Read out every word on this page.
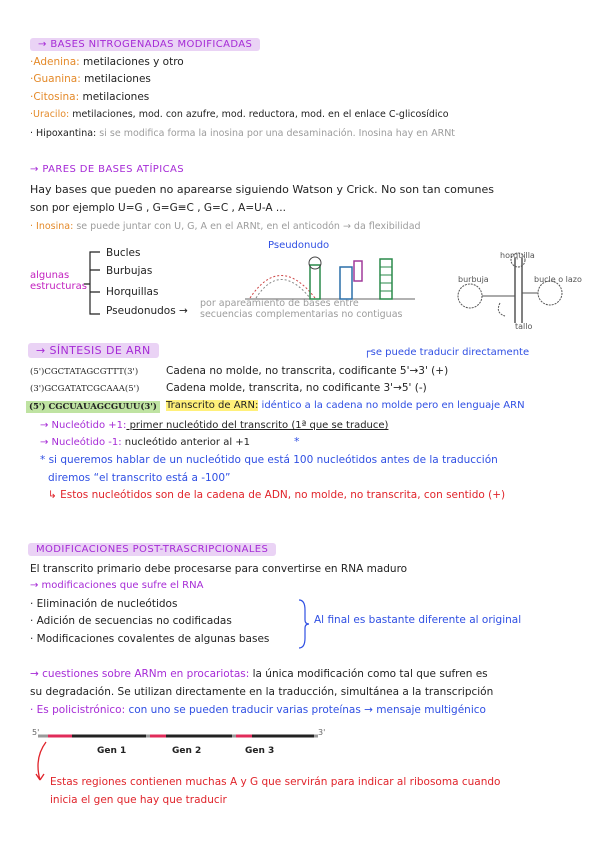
→ BASES NITROGENADAS MODIFICADAS
·Adenina: metilaciones y otro
·Guanina: metilaciones
·Citosina: metilaciones
·Uracilo: metilaciones, mod. con azufre, mod. reductora, mod. en el enlace C-glicosídico
· Hipoxantina: si se modifica forma la inosina por una desaminación. Inosina hay en ARNt
→ PARES DE BASES ATÍPICAS
Hay bases que pueden no aparearse siguiendo Watson y Crick. No son tan comunes
son por ejemplo U=G , G=G≡C , G=C , A=U-A ...
· Inosina: se puede juntar con U, G, A en el ARNt, en el anticodón → da flexibilidad
algunas
estructuras
Bucles
Burbujas
Horquillas
Pseudonudos →
por apareamiento de bases entre
secuencias complementarias no contiguas
Pseudonudo
horquilla
burbuja	bucle o lazo
tallo
→ SÍNTESIS DE ARN	┌se puede traducir directamente
(5')CGCTATAGCGTTT(3')	Cadena no molde, no transcrita, codificante 5'→3' (+)
(3')GCGATATCGCAAA(5')	Cadena molde, transcrita, no codificante 3'→5' (-)
(5') CGCUAUAGCGUUU(3') Transcrito de ARN: idéntico a la cadena no molde pero en lenguaje ARN
→ Nucleótido +1: primer nucleótido del transcrito (1ª que se traduce)
→ Nucleótido -1: nucleótido anterior al +1	*
* si queremos hablar de un nucleótido que está 100 nucleótidos antes de la traducción
diremos “el transcrito está a -100”
↳ Estos nucleótidos son de la cadena de ADN, no molde, no transcrita, con sentido (+)
MODIFICACIONES POST-TRASCRIPCIONALES
El transcrito primario debe procesarse para convertirse en RNA maduro
→ modificaciones que sufre el RNA
· Eliminación de nucleótidos
· Adición de secuencias no codificadas
· Modificaciones covalentes de algunas bases
Al final es bastante diferente al original
→ cuestiones sobre ARNm en procariotas: la única modificación como tal que sufren es
su degradación. Se utilizan directamente en la traducción, simultánea a la transcripción
· Es policistrónico: con uno se pueden traducir varias proteínas → mensaje multigénico
5'	3'
Gen 1	Gen 2	Gen 3
Estas regiones contienen muchas A y G que servirán para indicar al ribosoma cuando
inicia el gen que hay que traducir
